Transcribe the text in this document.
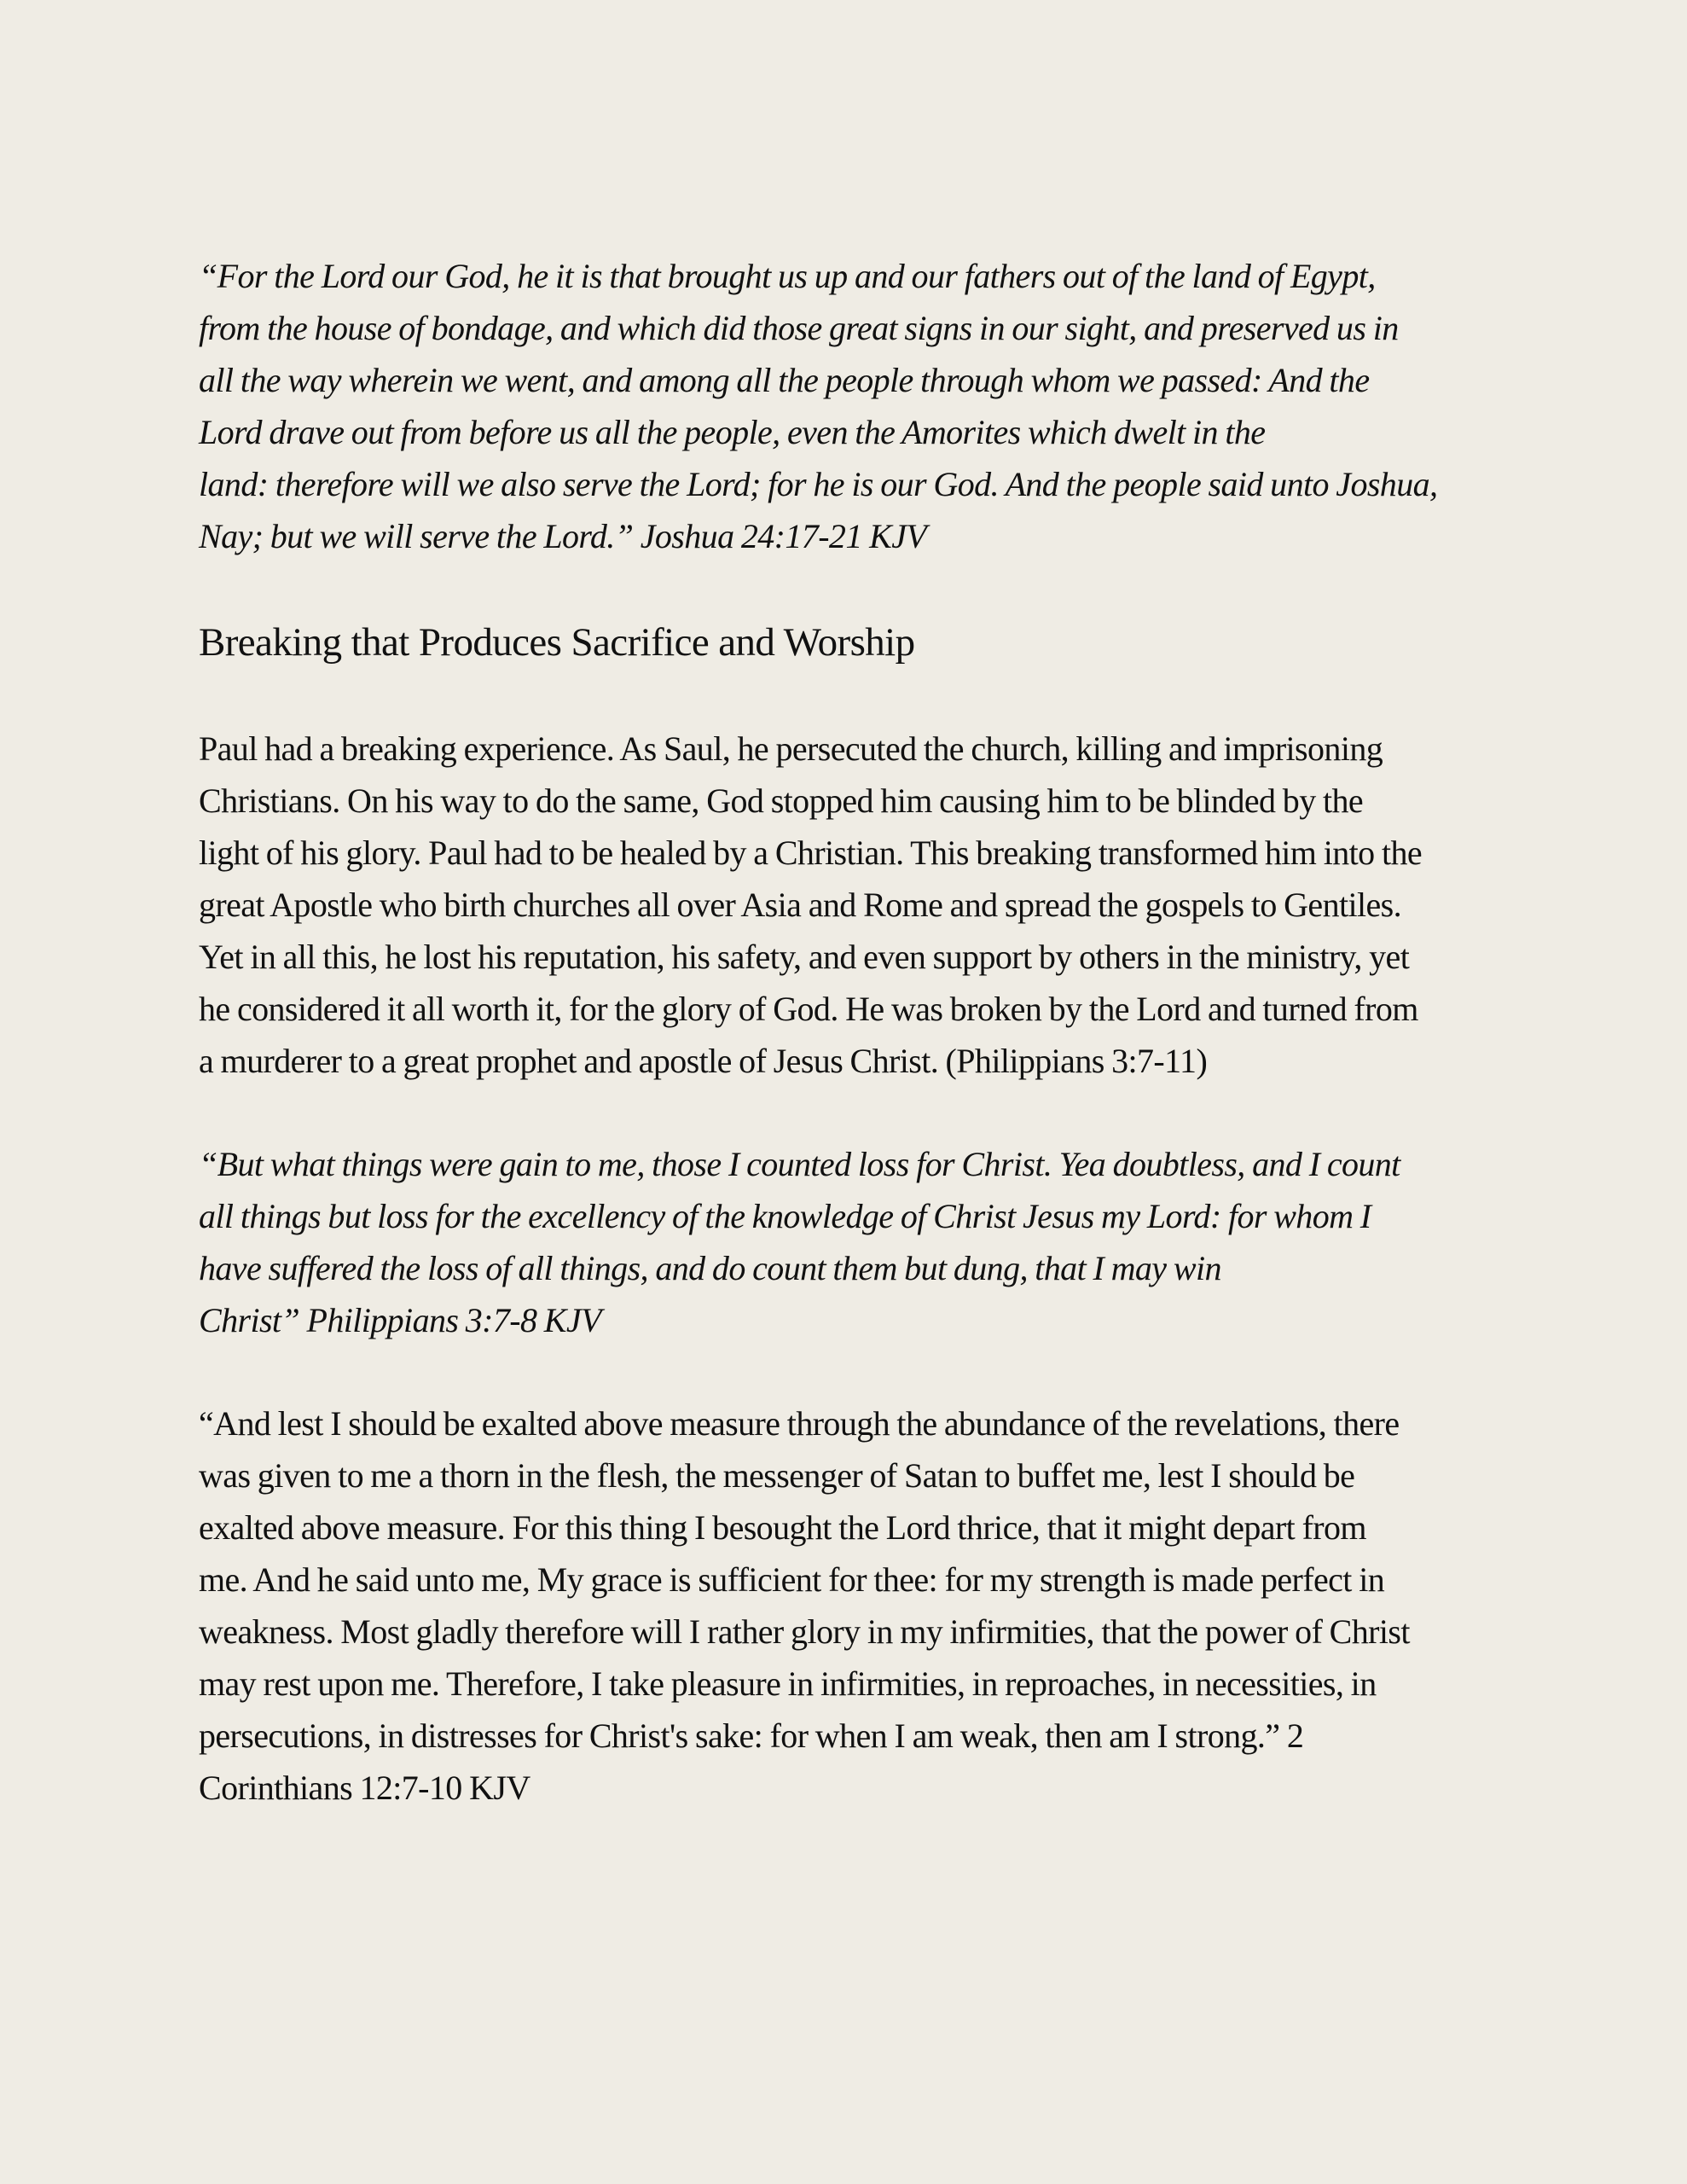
“For the Lord our God, he it is that brought us up and our fathers out of the land of Egypt,
from the house of bondage, and which did those great signs in our sight, and preserved us in
all the way wherein we went, and among all the people through whom we passed: And the
Lord drave out from before us all the people, even the Amorites which dwelt in the
land: therefore will we also serve the Lord; for he is our God. And the people said unto Joshua,
Nay; but we will serve the Lord.” Joshua 24:17-21 KJV

Breaking that Produces Sacrifice and Worship

Paul had a breaking experience. As Saul, he persecuted the church, killing and imprisoning
Christians. On his way to do the same, God stopped him causing him to be blinded by the
light of his glory. Paul had to be healed by a Christian. This breaking transformed him into the
great Apostle who birth churches all over Asia and Rome and spread the gospels to Gentiles.
Yet in all this, he lost his reputation, his safety, and even support by others in the ministry, yet
he considered it all worth it, for the glory of God. He was broken by the Lord and turned from
a murderer to a great prophet and apostle of Jesus Christ. (Philippians 3:7-11)

“But what things were gain to me, those I counted loss for Christ. Yea doubtless, and I count
all things but loss for the excellency of the knowledge of Christ Jesus my Lord: for whom I
have suffered the loss of all things, and do count them but dung, that I may win
Christ” Philippians 3:7-8 KJV

“And lest I should be exalted above measure through the abundance of the revelations, there
was given to me a thorn in the flesh, the messenger of Satan to buffet me, lest I should be
exalted above measure. For this thing I besought the Lord thrice, that it might depart from
me. And he said unto me, My grace is sufficient for thee: for my strength is made perfect in
weakness. Most gladly therefore will I rather glory in my infirmities, that the power of Christ
may rest upon me. Therefore, I take pleasure in infirmities, in reproaches, in necessities, in
persecutions, in distresses for Christ's sake: for when I am weak, then am I strong.” 2
Corinthians 12:7-10 KJV
